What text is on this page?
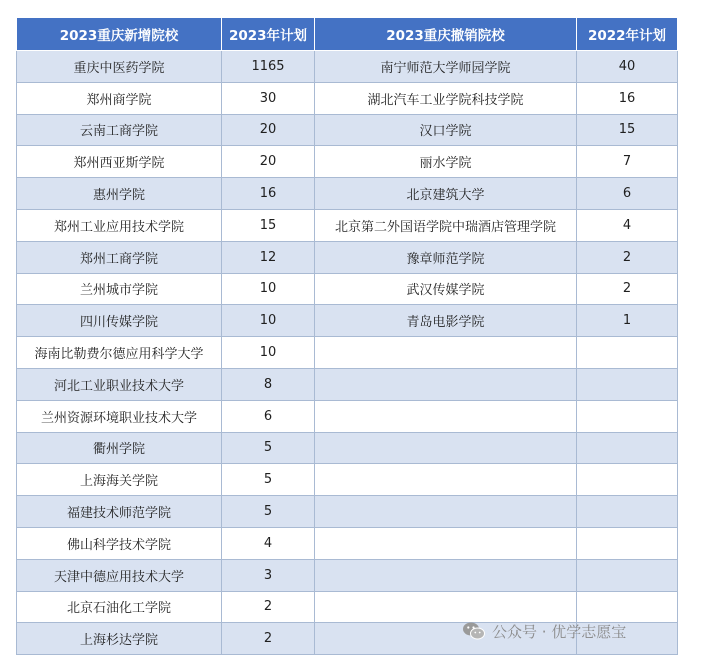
2023重庆新增院校	2023年计划	2023重庆撤销院校	2022年计划
重庆中医药学院	1165	南宁师范大学师园学院	40
郑州商学院	30	湖北汽车工业学院科技学院	16
云南工商学院	20	汉口学院	15
郑州西亚斯学院	20	丽水学院	7
惠州学院	16	北京建筑大学	6
郑州工业应用技术学院	15	北京第二外国语学院中瑞酒店管理学院	4
郑州工商学院	12	豫章师范学院	2
兰州城市学院	10	武汉传媒学院	2
四川传媒学院	10	青岛电影学院	1
海南比勒费尔德应用科学大学	10		
河北工业职业技术大学	8		
兰州资源环境职业技术大学	6		
衢州学院	5		
上海海关学院	5		
福建技术师范学院	5		
佛山科学技术学院	4		
天津中德应用技术大学	3		
北京石油化工学院	2		
上海杉达学院	2			公众号 · 优学志愿宝
